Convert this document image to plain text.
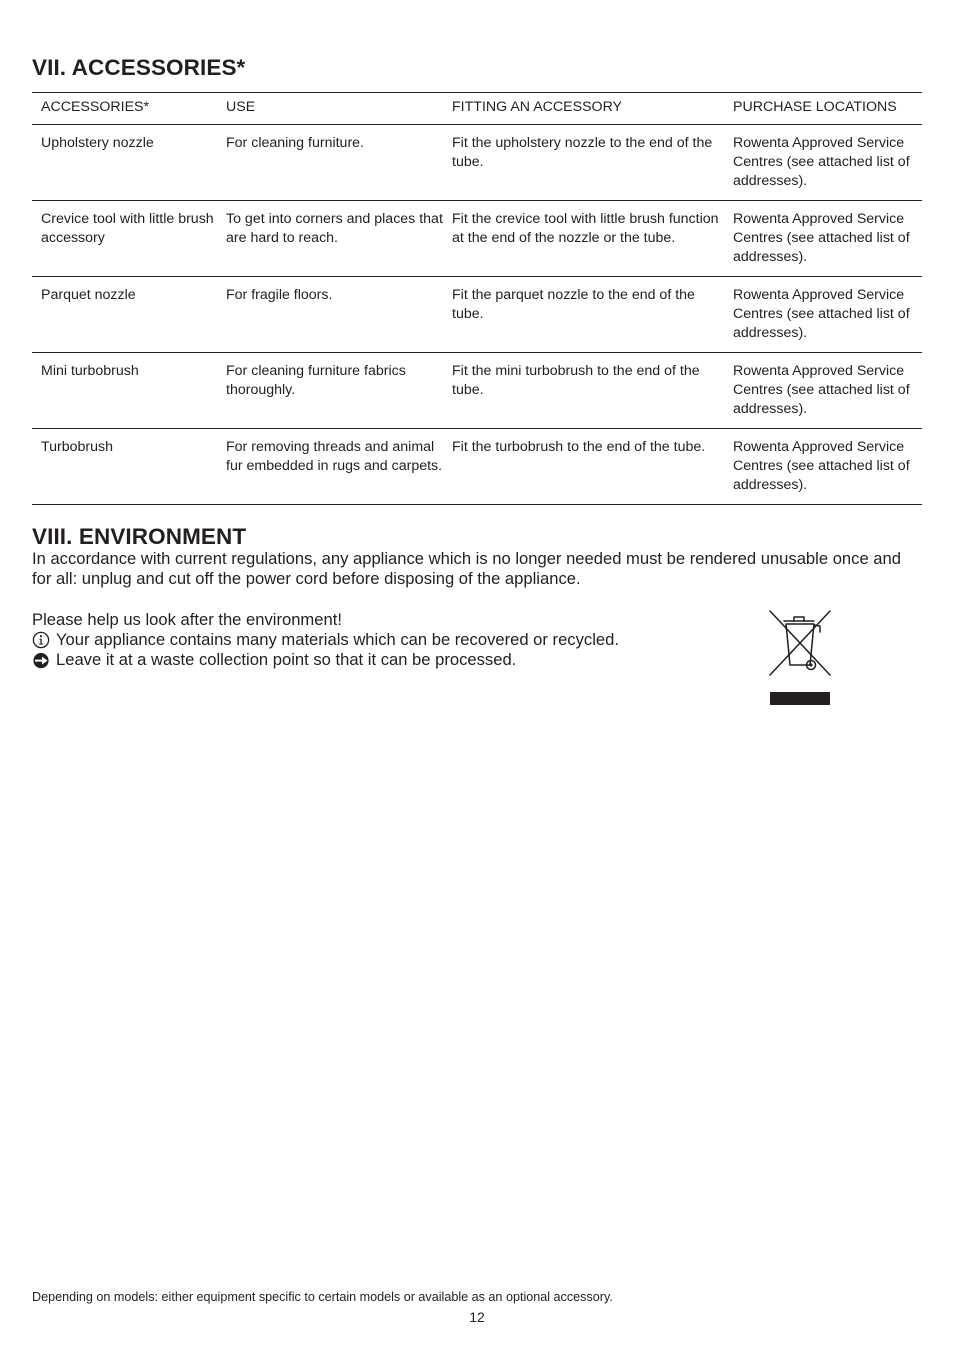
VII. ACCESSORIES*
ACCESSORIES*	USE	FITTING AN ACCESSORY	PURCHASE LOCATIONS
Upholstery nozzle	For cleaning furniture.	Fit the upholstery nozzle to the end of the tube.	Rowenta Approved Service Centres (see attached list of addresses).
Crevice tool with little brush accessory	To get into corners and places that are hard to reach.	Fit the crevice tool with little brush function at the end of the nozzle or the tube.	Rowenta Approved Service Centres (see attached list of addresses).
Parquet nozzle	For fragile floors.	Fit the parquet nozzle to the end of the tube.	Rowenta Approved Service Centres (see attached list of addresses).
Mini turbobrush	For cleaning furniture fabrics thoroughly.	Fit the mini turbobrush to the end of the tube.	Rowenta Approved Service Centres (see attached list of addresses).
Turbobrush	For removing threads and animal fur embedded in rugs and carpets.	Fit the turbobrush to the end of the tube.	Rowenta Approved Service Centres (see attached list of addresses).
VIII. ENVIRONMENT
In accordance with current regulations, any appliance which is no longer needed must be rendered unusable once and for all: unplug and cut off the power cord before disposing of the appliance.
Please help us look after the environment!
Your appliance contains many materials which can be recovered or recycled.
Leave it at a waste collection point so that it can be processed.
Depending on models: either equipment specific to certain models or available as an optional accessory.
12
